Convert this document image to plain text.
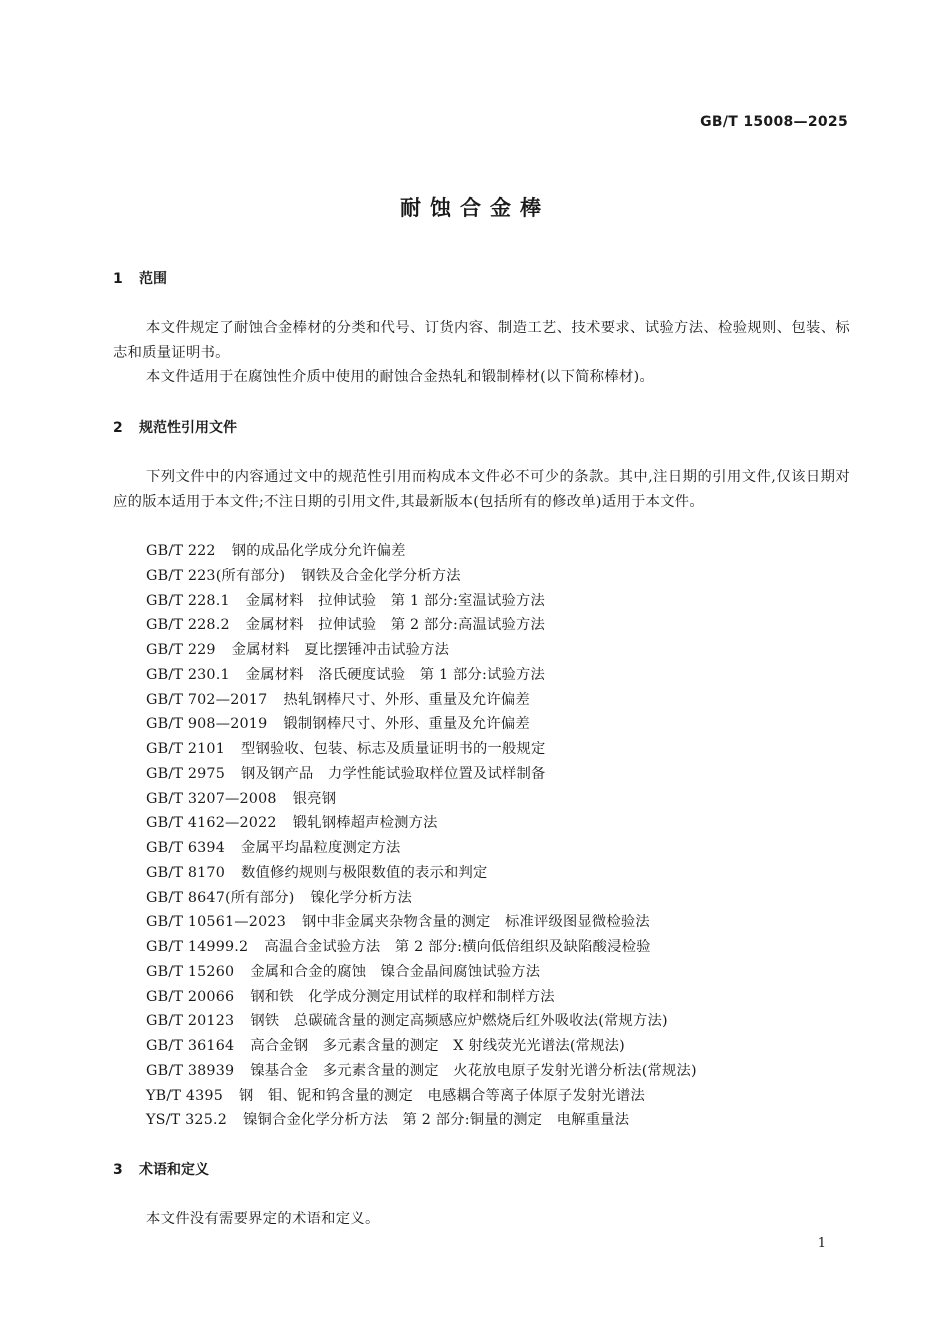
GB/T 15008—2025
耐蚀合金棒
1 范围
本文件规定了耐蚀合金棒材的分类和代号、订货内容、制造工艺、技术要求、试验方法、检验规则、包装、标志和质量证明书。
本文件适用于在腐蚀性介质中使用的耐蚀合金热轧和锻制棒材(以下简称棒材)。
2 规范性引用文件
下列文件中的内容通过文中的规范性引用而构成本文件必不可少的条款。其中,注日期的引用文件,仅该日期对应的版本适用于本文件;不注日期的引用文件,其最新版本(包括所有的修改单)适用于本文件。
GB/T 222 钢的成品化学成分允许偏差
GB/T 223(所有部分) 钢铁及合金化学分析方法
GB/T 228.1 金属材料　拉伸试验　第 1 部分:室温试验方法
GB/T 228.2 金属材料　拉伸试验　第 2 部分:高温试验方法
GB/T 229 金属材料　夏比摆锤冲击试验方法
GB/T 230.1 金属材料　洛氏硬度试验　第 1 部分:试验方法
GB/T 702—2017 热轧钢棒尺寸、外形、重量及允许偏差
GB/T 908—2019 锻制钢棒尺寸、外形、重量及允许偏差
GB/T 2101 型钢验收、包装、标志及质量证明书的一般规定
GB/T 2975 钢及钢产品　力学性能试验取样位置及试样制备
GB/T 3207—2008 银亮钢
GB/T 4162—2022 锻轧钢棒超声检测方法
GB/T 6394 金属平均晶粒度测定方法
GB/T 8170 数值修约规则与极限数值的表示和判定
GB/T 8647(所有部分) 镍化学分析方法
GB/T 10561—2023 钢中非金属夹杂物含量的测定　标准评级图显微检验法
GB/T 14999.2 高温合金试验方法　第 2 部分:横向低倍组织及缺陷酸浸检验
GB/T 15260 金属和合金的腐蚀　镍合金晶间腐蚀试验方法
GB/T 20066 钢和铁　化学成分测定用试样的取样和制样方法
GB/T 20123 钢铁　总碳硫含量的测定高频感应炉燃烧后红外吸收法(常规方法)
GB/T 36164 高合金钢　多元素含量的测定　X 射线荧光光谱法(常规法)
GB/T 38939 镍基合金　多元素含量的测定　火花放电原子发射光谱分析法(常规法)
YB/T 4395 钢　钼、铌和钨含量的测定　电感耦合等离子体原子发射光谱法
YS/T 325.2 镍铜合金化学分析方法　第 2 部分:铜量的测定　电解重量法
3 术语和定义
本文件没有需要界定的术语和定义。
1
